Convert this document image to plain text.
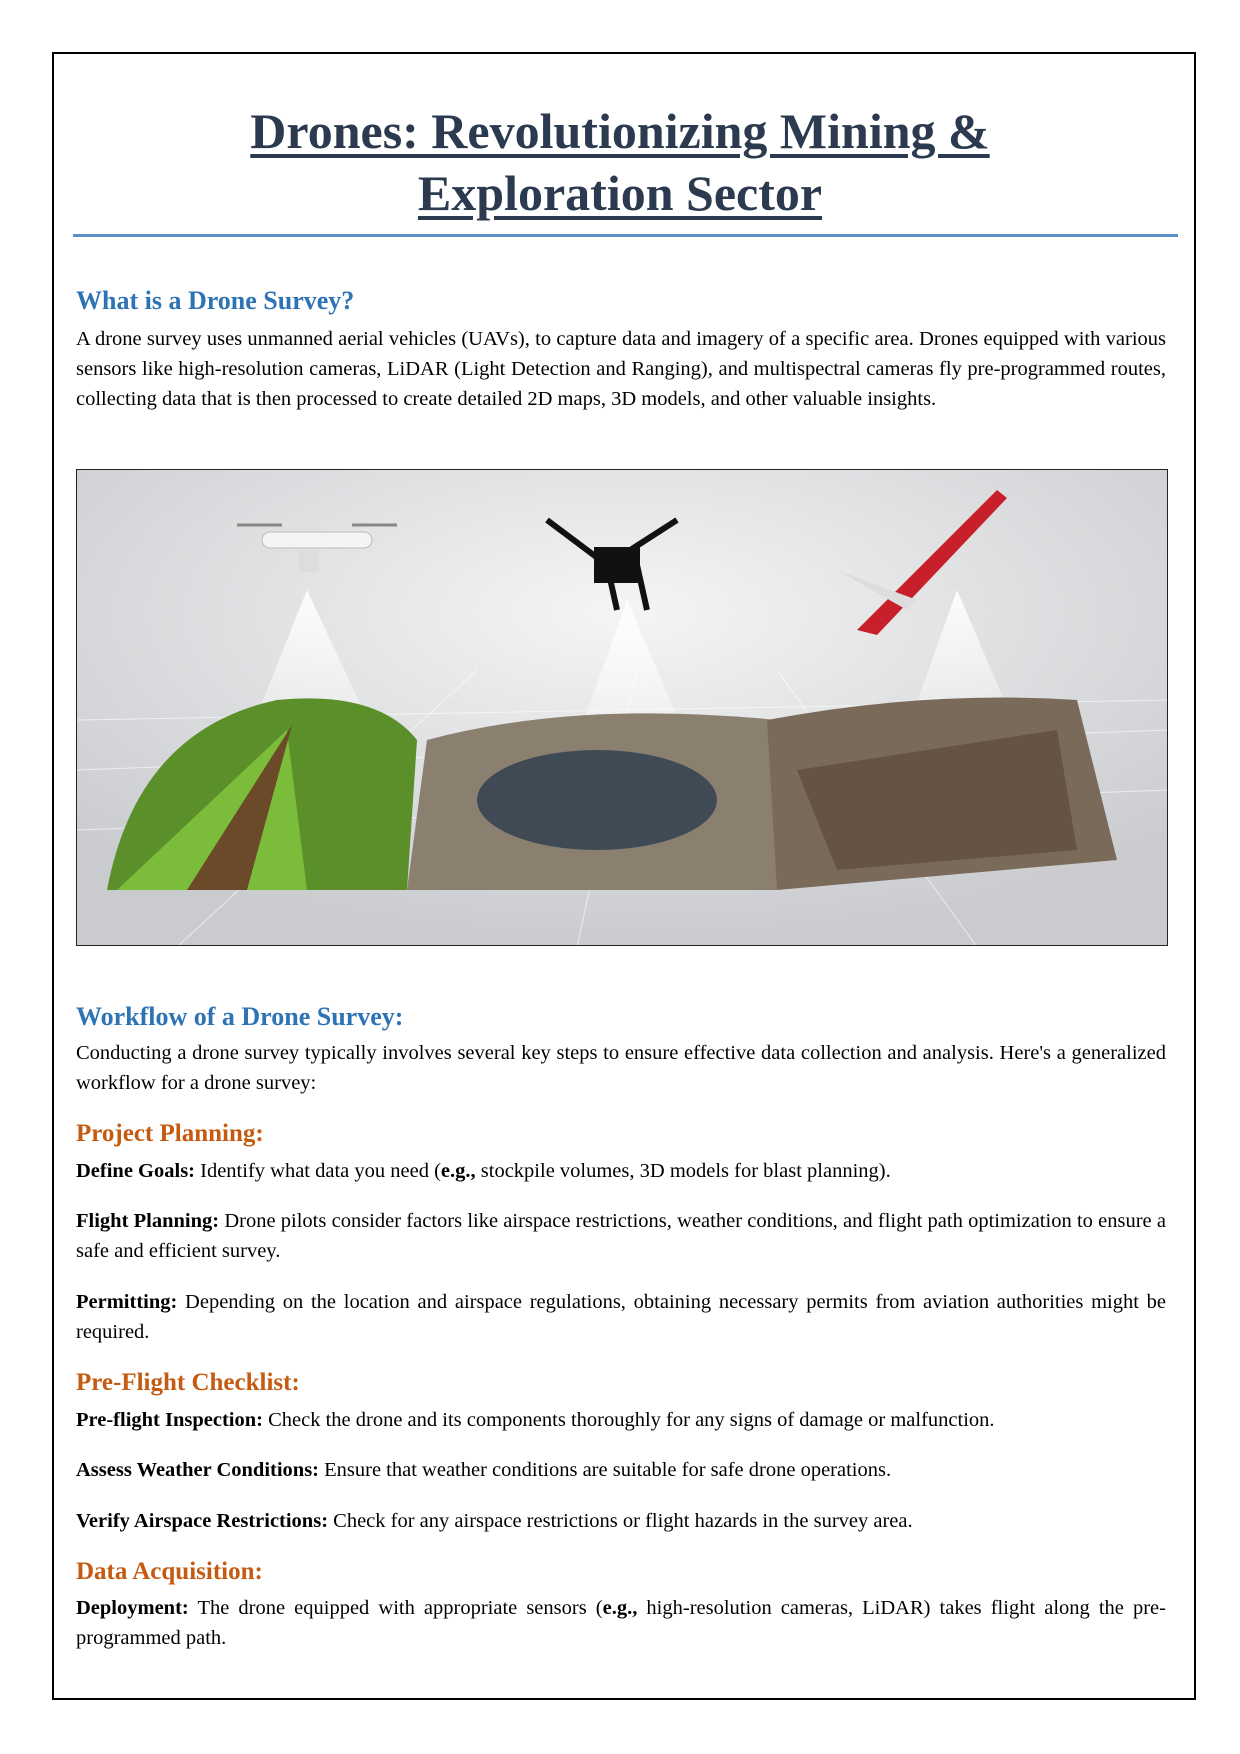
Drones: Revolutionizing Mining &
Exploration Sector
What is a Drone Survey?
A drone survey uses unmanned aerial vehicles (UAVs), to capture data and imagery of a specific area. Drones equipped with various sensors like high-resolution cameras, LiDAR (Light Detection and Ranging), and multispectral cameras fly pre-programmed routes, collecting data that is then processed to create detailed 2D maps, 3D models, and other valuable insights.
Workflow of a Drone Survey:
Conducting a drone survey typically involves several key steps to ensure effective data collection and analysis. Here's a generalized workflow for a drone survey:
Project Planning:
Define Goals: Identify what data you need (e.g., stockpile volumes, 3D models for blast planning).
Flight Planning: Drone pilots consider factors like airspace restrictions, weather conditions, and flight path optimization to ensure a safe and efficient survey.
Permitting: Depending on the location and airspace regulations, obtaining necessary permits from aviation authorities might be required.
Pre-Flight Checklist:
Pre-flight Inspection: Check the drone and its components thoroughly for any signs of damage or malfunction.
Assess Weather Conditions: Ensure that weather conditions are suitable for safe drone operations.
Verify Airspace Restrictions: Check for any airspace restrictions or flight hazards in the survey area.
Data Acquisition:
Deployment: The drone equipped with appropriate sensors (e.g., high-resolution cameras, LiDAR) takes flight along the pre-programmed path.
